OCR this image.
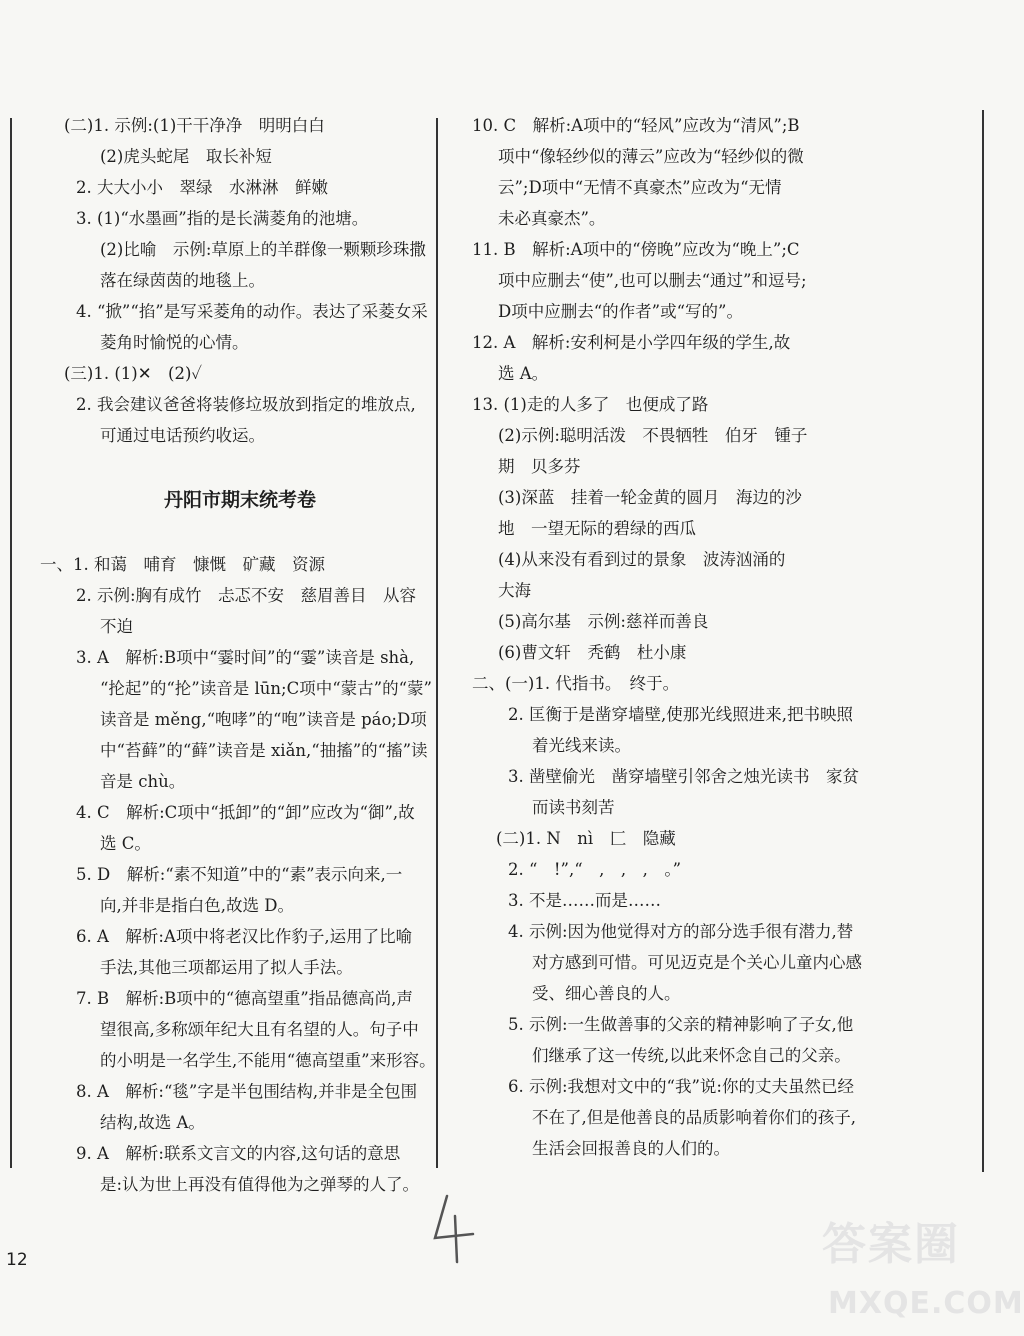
(二)1. 示例:(1)干干净净　明明白白
(2)虎头蛇尾　取长补短
2. 大大小小　翠绿　水淋淋　鲜嫩
3. (1)“水墨画”指的是长满菱角的池塘。
(2)比喻　示例:草原上的羊群像一颗颗珍珠撒
落在绿茵茵的地毯上。
4. “掀”“掐”是写采菱角的动作。表达了采菱女采
菱角时愉悦的心情。
(三)1. (1)✕　(2)✓
2. 我会建议爸爸将装修垃圾放到指定的堆放点,
可通过电话预约收运。
丹阳市期末统考卷
一、1. 和蔼　哺育　慷慨　矿藏　资源
2. 示例:胸有成竹　忐忑不安　慈眉善目　从容
不迫
3. A　解析:B项中“霎时间”的“霎”读音是 shà,
“抡起”的“抡”读音是 lūn;C项中“蒙古”的“蒙”
读音是 měng,“咆哮”的“咆”读音是 páo;D项
中“苔藓”的“藓”读音是 xiǎn,“抽搐”的“搐”读
音是 chù。
4. C　解析:C项中“抵卸”的“卸”应改为“御”,故
选 C。
5. D　解析:“素不知道”中的“素”表示向来,一
向,并非是指白色,故选 D。
6. A　解析:A项中将老汉比作豹子,运用了比喻
手法,其他三项都运用了拟人手法。
7. B　解析:B项中的“德高望重”指品德高尚,声
望很高,多称颂年纪大且有名望的人。句子中
的小明是一名学生,不能用“德高望重”来形容。
8. A　解析:“毯”字是半包围结构,并非是全包围
结构,故选 A。
9. A　解析:联系文言文的内容,这句话的意思
是:认为世上再没有值得他为之弹琴的人了。
10. C　解析:A项中的“轻风”应改为“清风”;B
项中“像轻纱似的薄云”应改为“轻纱似的微
云”;D项中“无情不真豪杰”应改为“无情
未必真豪杰”。
11. B　解析:A项中的“傍晚”应改为“晚上”;C
项中应删去“使”,也可以删去“通过”和逗号;
D项中应删去“的作者”或“写的”。
12. A　解析:安利柯是小学四年级的学生,故
选 A。
13. (1)走的人多了　也便成了路
(2)示例:聪明活泼　不畏牺牲　伯牙　锺子
期　贝多芬
(3)深蓝　挂着一轮金黄的圆月　海边的沙
地　一望无际的碧绿的西瓜
(4)从来没有看到过的景象　波涛汹涌的
大海
(5)高尔基　示例:慈祥而善良
(6)曹文轩　秃鹤　杜小康
二、(一)1. 代指书。　终于。
2. 匡衡于是凿穿墙壁,使那光线照进来,把书映照
着光线来读。
3. 凿壁偷光　凿穿墙壁引邻舍之烛光读书　家贫
而读书刻苦
(二)1. N　nì　匚　隐藏
2. “　!”,“　,　,　,　。”
3. 不是……而是……
4. 示例:因为他觉得对方的部分选手很有潜力,替
对方感到可惜。可见迈克是个关心儿童内心感
受、细心善良的人。
5. 示例:一生做善事的父亲的精神影响了子女,他
们继承了这一传统,以此来怀念自己的父亲。
6. 示例:我想对文中的“我”说:你的丈夫虽然已经
不在了,但是他善良的品质影响着你们的孩子,
生活会回报善良的人们的。
12	答案圈
MXQE.COM
